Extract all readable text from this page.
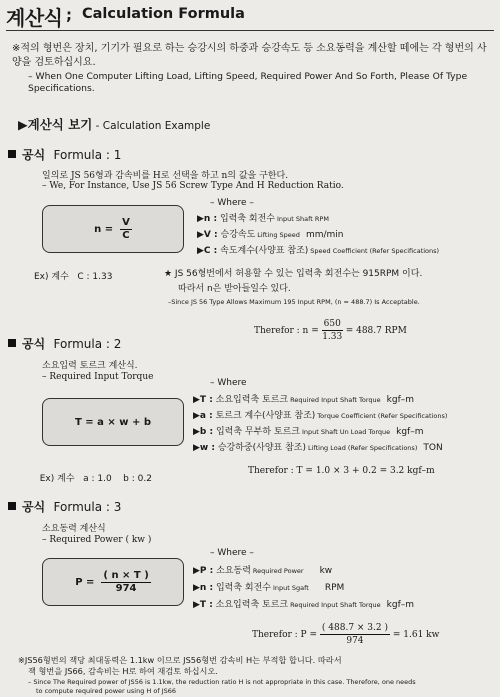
계산식 ; Calculation Formula
※적의 형번은 장치, 기기가 필요로 하는 승강시의 하중과 승강속도 등 소요동력을 계산할 떼에는 각 형번의 사양을 검토하십시요.
– When One Computer Lifting Load, Lifting Speed, Required Power And So Forth, Please Of Type Specifications.
▶계산식 보기 - Calculation Example
공식 Formula : 1
일의로 JS 56형과 감속비를 H로 선택을 하고 n의 값을 구한다.
– We, For Instance, Use JS 56 Screw Type And H Reduction Ratio.
n =
$\frac{V}{C}$
– Where –
▶n : 입력축 회전수 Input Shaft RPM
▶V : 승강속도 Lifting Speed mm/min
▶C : 속도계수(사양표 참조) Speed Coefficient (Refer Specifications)
Ex) 계수 C : 1.33	★ JS 56형번에서 허용할 수 있는 입력축 회전수는 915RPM 이다.
따라서 n은 받아들일수 있다.
–Since JS 56 Type Allows Maximum 195 Input RPM, (n = 488.7) Is Acceptable.
Therefor : n =
$\frac{650}{1.33}$
= 488.7 RPM
공식 Formula : 2
소요입력 토르크 계산식.
– Required Input Torque
T = a × w + b
– Where
▶T : 소요입력축 토르크 Required Input Shaft Torque kgf–m
▶a : 토르크 계수(사양표 참조) Torque Coefficient (Refer Specifications)
▶b : 입력축 무부하 토르크 Input Shaft Un Load Torque kgf–m
▶w : 승강하중(사양표 참조) Lifting Load (Refer Specifications) TON

Ex) 계수 a : 1.0    b : 0.2

Therefor : T = 1.0 × 3 + 0.2 = 3.2 kgf–m
공식 Formula : 3
소요동력 계산식
– Required Power ( kw )
P =
$\frac{( n \times T )}{974}$
– Where –
▶P : 소요동력 Required Power kw
▶n : 입력축 회전수 Input Sgaft RPM
▶T : 소요입력축 토르크 Required Input Shaft Torque kgf–m
Therefor : P =
$\frac{( 488.7 \times 3.2 )}{974}$
= 1.61 kw
※JS56형번의 잭당 최대동력은 1.1kw 이므로 JS56형번 감속비 H는 부적합 합니다. 따라서
잭 형번을 JS66, 감속비는 H로 하여 재검토 하십시오.
– Since The Required power of JS56 is 1.1kw, the reduction ratio H is not appropriate in this case. Therefore, one needs
to compute required power using H of JS66
